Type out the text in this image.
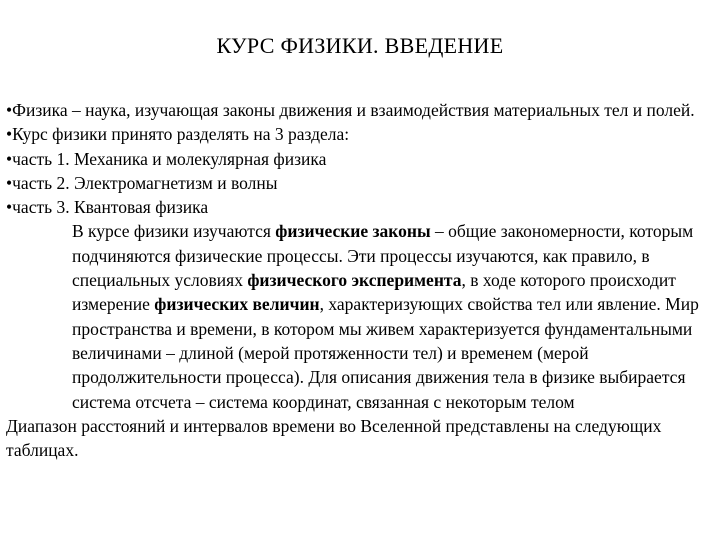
КУРС ФИЗИКИ. ВВЕДЕНИЕ

•Физика – наука, изучающая законы движения и взаимодействия материальных тел и полей.

•Курс физики принято разделять на 3 раздела:

•часть 1. Механика и молекулярная физика

•часть 2. Электромагнетизм и волны

•часть 3. Квантовая физика

В курсе физики изучаются физические законы – общие закономерности, которым подчиняются физические процессы. Эти процессы изучаются, как правило, в специальных условиях физического эксперимента, в ходе которого происходит измерение физических величин, характеризующих свойства тел или явление. Мир пространства и времени, в котором мы живем характеризуется фундаментальными величинами – длиной (мерой протяженности тел) и временем (мерой продолжительности процесса). Для описания движения тела в физике выбирается система отсчета – система координат, связанная с некоторым телом

Диапазон расстояний и интервалов времени во Вселенной представлены на следующих таблицах.
